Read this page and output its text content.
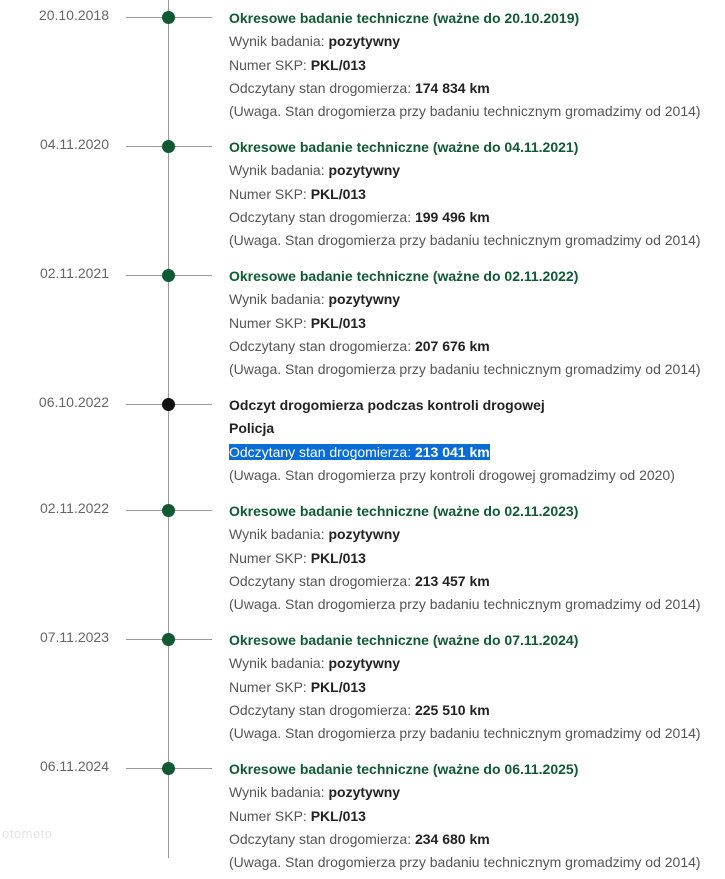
20.10.2018	Okresowe badanie techniczne (ważne do 20.10.2019)
Wynik badania: pozytywny
Numer SKP: PKL/013
Odczytany stan drogomierza: 174 834 km
(Uwaga. Stan drogomierza przy badaniu technicznym gromadzimy od 2014)
04.11.2020	Okresowe badanie techniczne (ważne do 04.11.2021)
Wynik badania: pozytywny
Numer SKP: PKL/013
Odczytany stan drogomierza: 199 496 km
(Uwaga. Stan drogomierza przy badaniu technicznym gromadzimy od 2014)
02.11.2021	Okresowe badanie techniczne (ważne do 02.11.2022)
Wynik badania: pozytywny
Numer SKP: PKL/013
Odczytany stan drogomierza: 207 676 km
(Uwaga. Stan drogomierza przy badaniu technicznym gromadzimy od 2014)
06.10.2022	Odczyt drogomierza podczas kontroli drogowej
Policja
Odczytany stan drogomierza: 213 041 km
(Uwaga. Stan drogomierza przy kontroli drogowej gromadzimy od 2020)
02.11.2022	Okresowe badanie techniczne (ważne do 02.11.2023)
Wynik badania: pozytywny
Numer SKP: PKL/013
Odczytany stan drogomierza: 213 457 km
(Uwaga. Stan drogomierza przy badaniu technicznym gromadzimy od 2014)
07.11.2023	Okresowe badanie techniczne (ważne do 07.11.2024)
Wynik badania: pozytywny
Numer SKP: PKL/013
Odczytany stan drogomierza: 225 510 km
(Uwaga. Stan drogomierza przy badaniu technicznym gromadzimy od 2014)
06.11.2024	Okresowe badanie techniczne (ważne do 06.11.2025)
Wynik badania: pozytywny
Numer SKP: PKL/013
Odczytany stan drogomierza: 234 680 km
(Uwaga. Stan drogomierza przy badaniu technicznym gromadzimy od 2014)
otomoto
